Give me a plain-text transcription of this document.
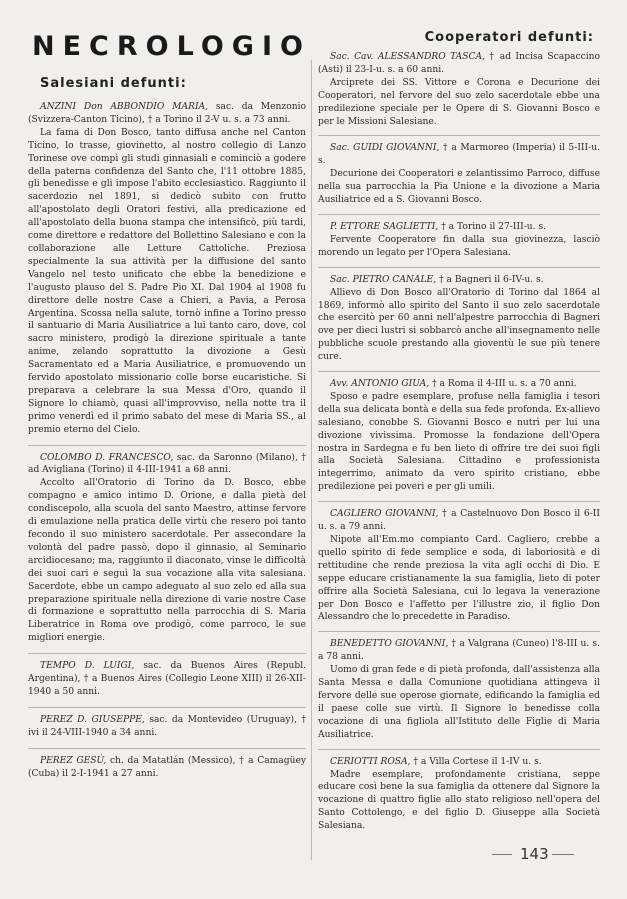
NECROLOGIO
Salesiani defunti:

ANZINI Don ABBONDIO MARIA, sac. da Menzonio (Svizzera-Canton Ticino), † a Torino il 2-V u. s. a 73 anni.

La fama di Don Bosco, tanto diffusa anche nel Canton Ticino, lo trasse, giovinetto, al nostro collegio di Lanzo Torinese ove compì gli studi ginnasiali e cominciò a godere della paterna confidenza del Santo che, l'11 ottobre 1885, gli benedisse e gli impose l'abito ecclesiastico. Raggiunto il sacerdozio nel 1891, si dedicò subito con frutto all'apostolato degli Oratori festivi, alla predicazione ed all'apostolato della buona stampa che intensificò, più tardi, come direttore e redattore del Bollettino Salesiano e con la collaborazione alle Letture Cattoliche. Preziosa specialmente la sua attività per la diffusione del santo Vangelo nel testo unificato che ebbe la benedizione e l'augusto plauso del S. Padre Pio XI. Dal 1904 al 1908 fu direttore delle nostre Case a Chieri, a Pavia, a Perosa Argentina. Scossa nella salute, tornò infine a Torino presso il santuario di Maria Ausiliatrice a lui tanto caro, dove, col sacro ministero, prodigò la direzione spirituale a tante anime, zelando soprattutto la divozione a Gesù Sacramentato ed a Maria Ausiliatrice, e promuovendo un fervido apostolato missionario colle borse eucaristiche. Si preparava a celebrare la sua Messa d'Oro, quando il Signore lo chiamò, quasi all'improvviso, nella notte tra il primo venerdì ed il primo sabato del mese di Maria SS., al premio eterno del Cielo.

COLOMBO D. FRANCESCO, sac. da Saronno (Milano), † ad Avigliana (Torino) il 4-III-1941 a 68 anni.

Accolto all'Oratorio di Torino da D. Bosco, ebbe compagno e amico intimo D. Orione, e dalla pietà del condiscepolo, alla scuola del santo Maestro, attinse fervore di emulazione nella pratica delle virtù che resero poi tanto fecondo il suo ministero sacerdotale. Per assecondare la volontà del padre passò, dopo il ginnasio, al Seminario arcidiocesano; ma, raggiunto il diaconato, vinse le difficoltà dei suoi cari e seguì la sua vocazione alla vita salesiana. Sacerdote, ebbe un campo adeguato al suo zelo ed alla sua preparazione spirituale nella direzione di varie nostre Case di formazione e soprattutto nella parrocchia di S. Maria Liberatrice in Roma ove prodigò, come parroco, le sue migliori energie.

TEMPO D. LUIGI, sac. da Buenos Aires (Republ. Argentina), † a Buenos Aires (Collegio Leone XIII) il 26-XII-1940 a 50 anni.

PEREZ D. GIUSEPPE, sac. da Montevideo (Uruguay), † ivi il 24-VIII-1940 a 34 anni.

PEREZ GESÙ, ch. da Matatlán (Messico), † a Camagüey (Cuba) il 2-I-1941 a 27 anni.

Cooperatori defunti:

Sac. Cav. ALESSANDRO TASCA, † ad Incisa Scapaccino (Asti) il 23-I-u. s. a 60 anni.

Arciprete dei SS. Vittore e Corona e Decurione dei Cooperatori, nel fervore del suo zelo sacerdotale ebbe una predilezione speciale per le Opere di S. Giovanni Bosco e per le Missioni Salesiane.

Sac. GUIDI GIOVANNI, † a Marmoreo (Imperia) il 5-III-u. s.

Decurione dei Cooperatori e zelantissimo Parroco, diffuse nella sua parrocchia la Pia Unione e la divozione a Maria Ausiliatrice ed a S. Giovanni Bosco.

P. ETTORE SAGLIETTI, † a Torino il 27-III-u. s.

Fervente Cooperatore fin dalla sua giovinezza, lasciò morendo un legato per l'Opera Salesiana.

Sac. PIETRO CANALE, † a Bagneri il 6-IV-u. s.

Allievo di Don Bosco all'Oratorio di Torino dal 1864 al 1869, informò allo spirito del Santo il suo zelo sacerdotale che esercitò per 60 anni nell'alpestre parrocchia di Bagneri ove per dieci lustri si sobbarcò anche all'insegnamento nelle pubbliche scuole prestando alla gioventù le sue più tenere cure.

Avv. ANTONIO GIUA, † a Roma il 4-III u. s. a 70 anni.

Sposo e padre esemplare, profuse nella famiglia i tesori della sua delicata bontà e della sua fede profonda. Ex-allievo salesiano, conobbe S. Giovanni Bosco e nutrì per lui una divozione vivissima. Promosse la fondazione dell'Opera nostra in Sardegna e fu ben lieto di offrire tre dei suoi figli alla Società Salesiana. Cittadino e professionista integerrimo, animato da vero spirito cristiano, ebbe predilezione pei poveri e per gli umili.

CAGLIERO GIOVANNI, † a Castelnuovo Don Bosco il 6-II u. s. a 79 anni.

Nipote all'Em.mo compianto Card. Cagliero, crebbe a quello spirito di fede semplice e soda, di laboriosità e di rettitudine che rende preziosa la vita agli occhi di Dio. E seppe educare cristianamente la sua famiglia, lieto di poter offrire alla Società Salesiana, cui lo legava la venerazione per Don Bosco e l'affetto per l'illustre zio, il figlio Don Alessandro che lo precedette in Paradiso.

BENEDETTO GIOVANNI, † a Valgrana (Cuneo) l'8-III u. s. a 78 anni.

Uomo di gran fede e di pietà profonda, dall'assistenza alla Santa Messa e dalla Comunione quotidiana attingeva il fervore delle sue operose giornate, edificando la famiglia ed il paese colle sue virtù. Il Signore lo benedisse colla vocazione di una figliola all'Istituto delle Figlie di Maria Ausiliatrice.

CERIOTTI ROSA, † a Villa Cortese il 1-IV u. s.

Madre esemplare, profondamente cristiana, seppe educare così bene la sua famiglia da ottenere dal Signore la vocazione di quattro figlie allo stato religioso nell'opera del Santo Cottolengo, e del figlio D. Giuseppe alla Società Salesiana.

143
